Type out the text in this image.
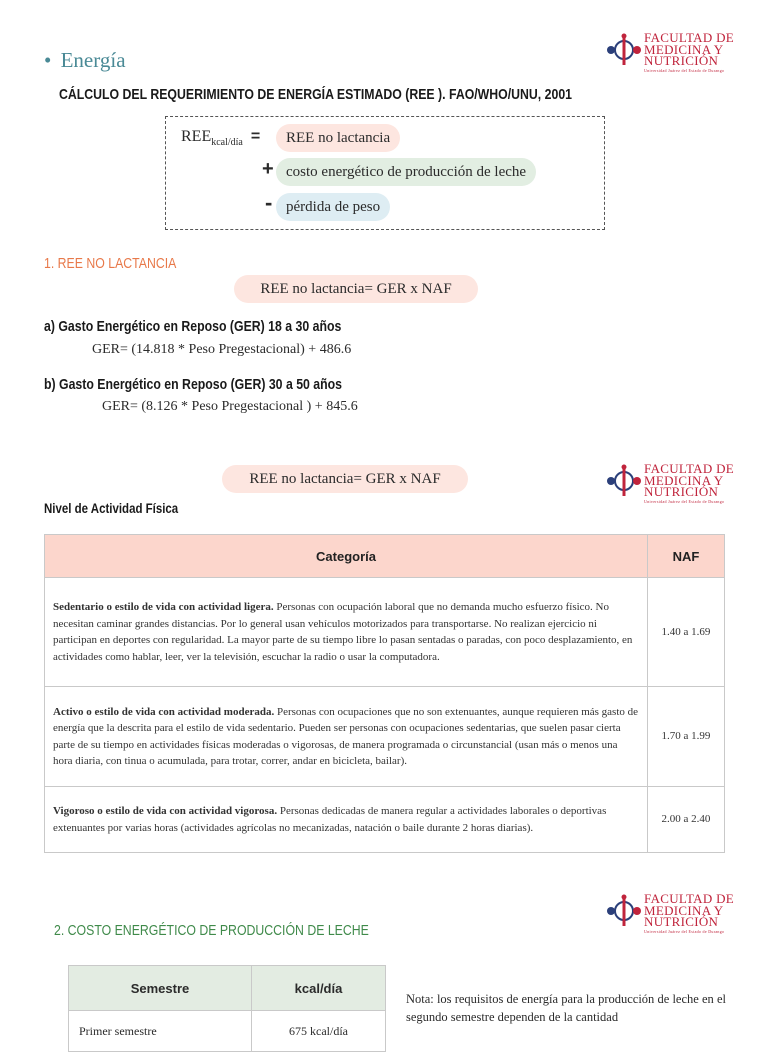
• Energía
CÁLCULO DEL REQUERIMIENTO DE ENERGÍA ESTIMADO (REE ). FAO/WHO/UNU, 2001
FACULTAD DE
MEDICINA Y
NUTRICIÓN
Universidad Juárez del Estado de Durango
$REE_{kcal/día}$ =	REE no lactancia
+ costo energético de producción de leche
- pérdida de peso
1. REE NO LACTANCIA
REE no lactancia= GER x NAF
a) Gasto Energético en Reposo (GER) 18 a 30 años
GER= (14.818 * Peso Pregestacional) + 486.6
b) Gasto Energético en Reposo (GER) 30 a 50 años
GER= (8.126 * Peso Pregestacional ) + 845.6
REE no lactancia= GER x NAF
FACULTAD DE
MEDICINA Y
NUTRICIÓN
Universidad Juárez del Estado de Durango
Nivel de Actividad Física
Categoría	NAF
Sedentario o estilo de vida con actividad ligera. Personas con ocupación laboral que no demanda mucho esfuerzo físico. No necesitan caminar grandes distancias. Por lo general usan vehículos motorizados para transportarse. No realizan ejercicio ni participan en deportes con regularidad. La mayor parte de su tiempo libre lo pasan sentadas o paradas, con poco desplazamiento, en actividades como hablar, leer, ver la televisión, escuchar la radio o usar la computadora.	1.40 a 1.69
Activo o estilo de vida con actividad moderada. Personas con ocupaciones que no son extenuantes, aunque requieren más gasto de energía que la descrita para el estilo de vida sedentario. Pueden ser personas con ocupaciones sedentarias, que suelen pasar cierta parte de su tiempo en actividades físicas moderadas o vigorosas, de manera programada o circunstancial (usan más o menos una hora diaria, con tinua o acumulada, para trotar, correr, andar en bicicleta, bailar).	1.70 a 1.99
Vigoroso o estilo de vida con actividad vigorosa. Personas dedicadas de manera regular a actividades laborales o deportivas extenuantes por varias horas (actividades agrícolas no mecanizadas, natación o baile durante 2 horas diarias).	2.00 a 2.40
FACULTAD DE
MEDICINA Y
NUTRICIÓN
Universidad Juárez del Estado de Durango
2. COSTO ENERGÉTICO DE PRODUCCIÓN DE LECHE
Semestre	kcal/día
Primer semestre	675 kcal/día
Nota: los requisitos de energía para la producción de leche en el segundo semestre dependen de la cantidad
